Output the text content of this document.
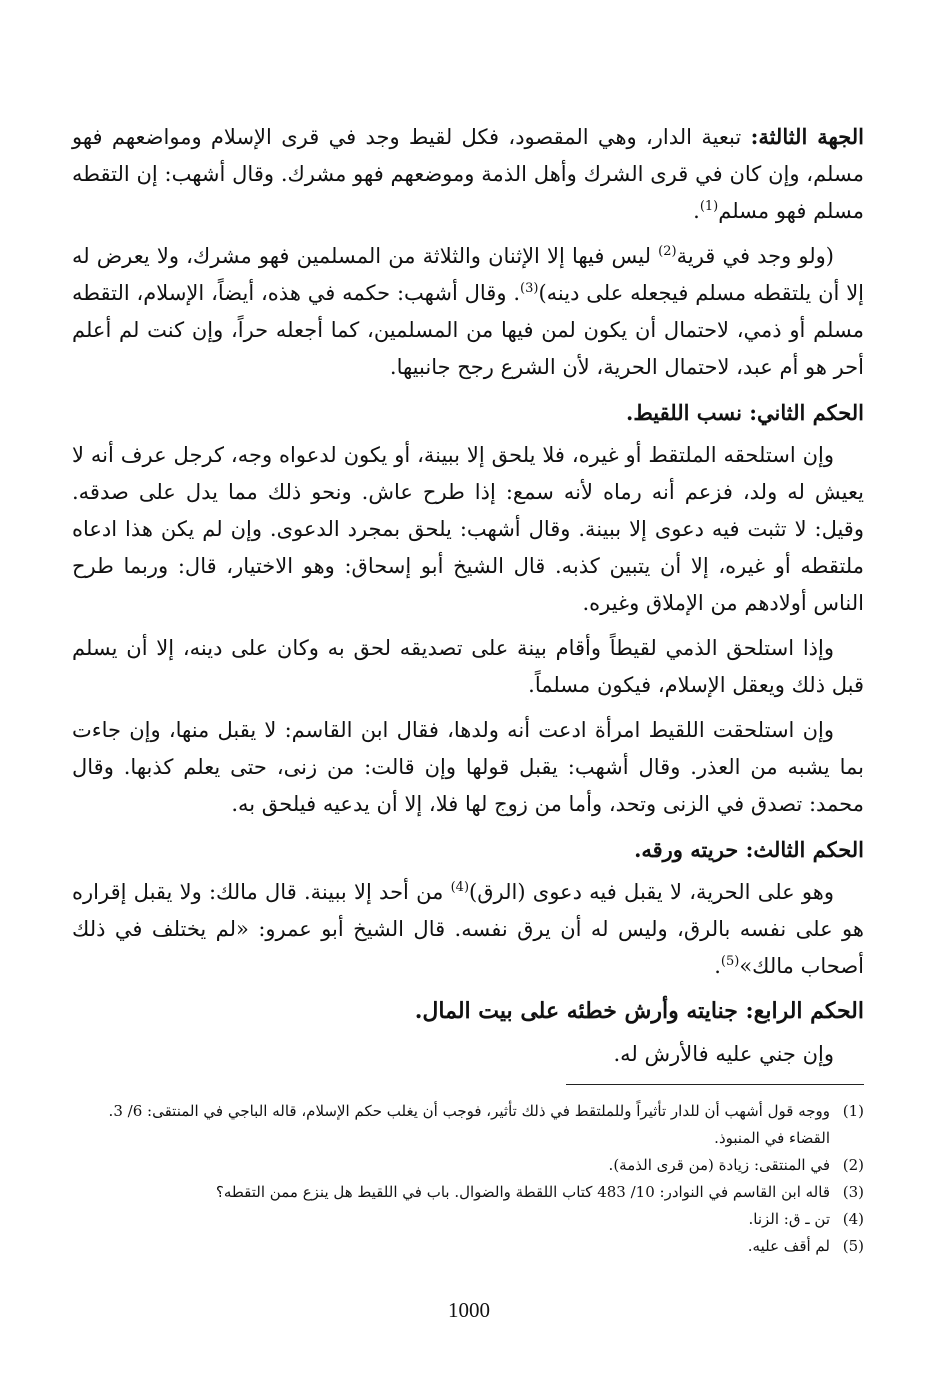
الجهة الثالثة: تبعية الدار، وهي المقصود، فكل لقيط وجد في قرى الإسلام ومواضعهم فهو مسلم، وإن كان في قرى الشرك وأهل الذمة وموضعهم فهو مشرك. وقال أشهب: إن التقطه مسلم فهو مسلم$^{(1)}$.

(ولو وجد في قرية$^{(2)}$ ليس فيها إلا الإثنان والثلاثة من المسلمين فهو مشرك، ولا يعرض له إلا أن يلتقطه مسلم فيجعله على دينه)$^{(3)}$. وقال أشهب: حكمه في هذه، أيضاً، الإسلام، التقطه مسلم أو ذمي، لاحتمال أن يكون لمن فيها من المسلمين، كما أجعله حراً، وإن كنت لم أعلم أحر هو أم عبد، لاحتمال الحرية، لأن الشرع رجح جانبيها.

الحكم الثاني: نسب اللقيط.

وإن استلحقه الملتقط أو غيره، فلا يلحق إلا ببينة، أو يكون لدعواه وجه، كرجل عرف أنه لا يعيش له ولد، فزعم أنه رماه لأنه سمع: إذا طرح عاش. ونحو ذلك مما يدل على صدقه. وقيل: لا تثبت فيه دعوى إلا ببينة. وقال أشهب: يلحق بمجرد الدعوى. وإن لم يكن هذا ادعاه ملتقطه أو غيره، إلا أن يتبين كذبه. قال الشيخ أبو إسحاق: وهو الاختيار، قال: وربما طرح الناس أولادهم من الإملاق وغيره.

وإذا استلحق الذمي لقيطاً وأقام بينة على تصديقه لحق به وكان على دينه، إلا أن يسلم قبل ذلك ويعقل الإسلام، فيكون مسلماً.

وإن استلحقت اللقيط امرأة ادعت أنه ولدها، فقال ابن القاسم: لا يقبل منها، وإن جاءت بما يشبه من العذر. وقال أشهب: يقبل قولها وإن قالت: من زنى، حتى يعلم كذبها. وقال محمد: تصدق في الزنى وتحد، وأما من زوج لها فلا، إلا أن يدعيه فيلحق به.

الحكم الثالث: حريته ورقه.

وهو على الحرية، لا يقبل فيه دعوى (الرق)$^{(4)}$ من أحد إلا ببينة. قال مالك: ولا يقبل إقراره هو على نفسه بالرق، وليس له أن يرق نفسه. قال الشيخ أبو عمرو: «لم يختلف في ذلك أصحاب مالك»$^{(5)}$.

الحكم الرابع: جنايته وأرش خطئه على بيت المال.

وإن جني عليه فالأرش له.

(1)
ووجه قول أشهب أن للدار تأثيراً وللملتقط في ذلك تأثير، فوجب أن يغلب حكم الإسلام، قاله الباجي في المنتقى: 6/ 3. القضاء في المنبوذ.
(2)
في المنتقى: زيادة (من قرى الذمة).
(3)
قاله ابن القاسم في النوادر: 10/ 483 كتاب اللقطة والضوال. باب في اللقيط هل ينزع ممن التقطه؟
(4)
تن ـ ق: الزنا.
(5)
لم أقف عليه.
1000
